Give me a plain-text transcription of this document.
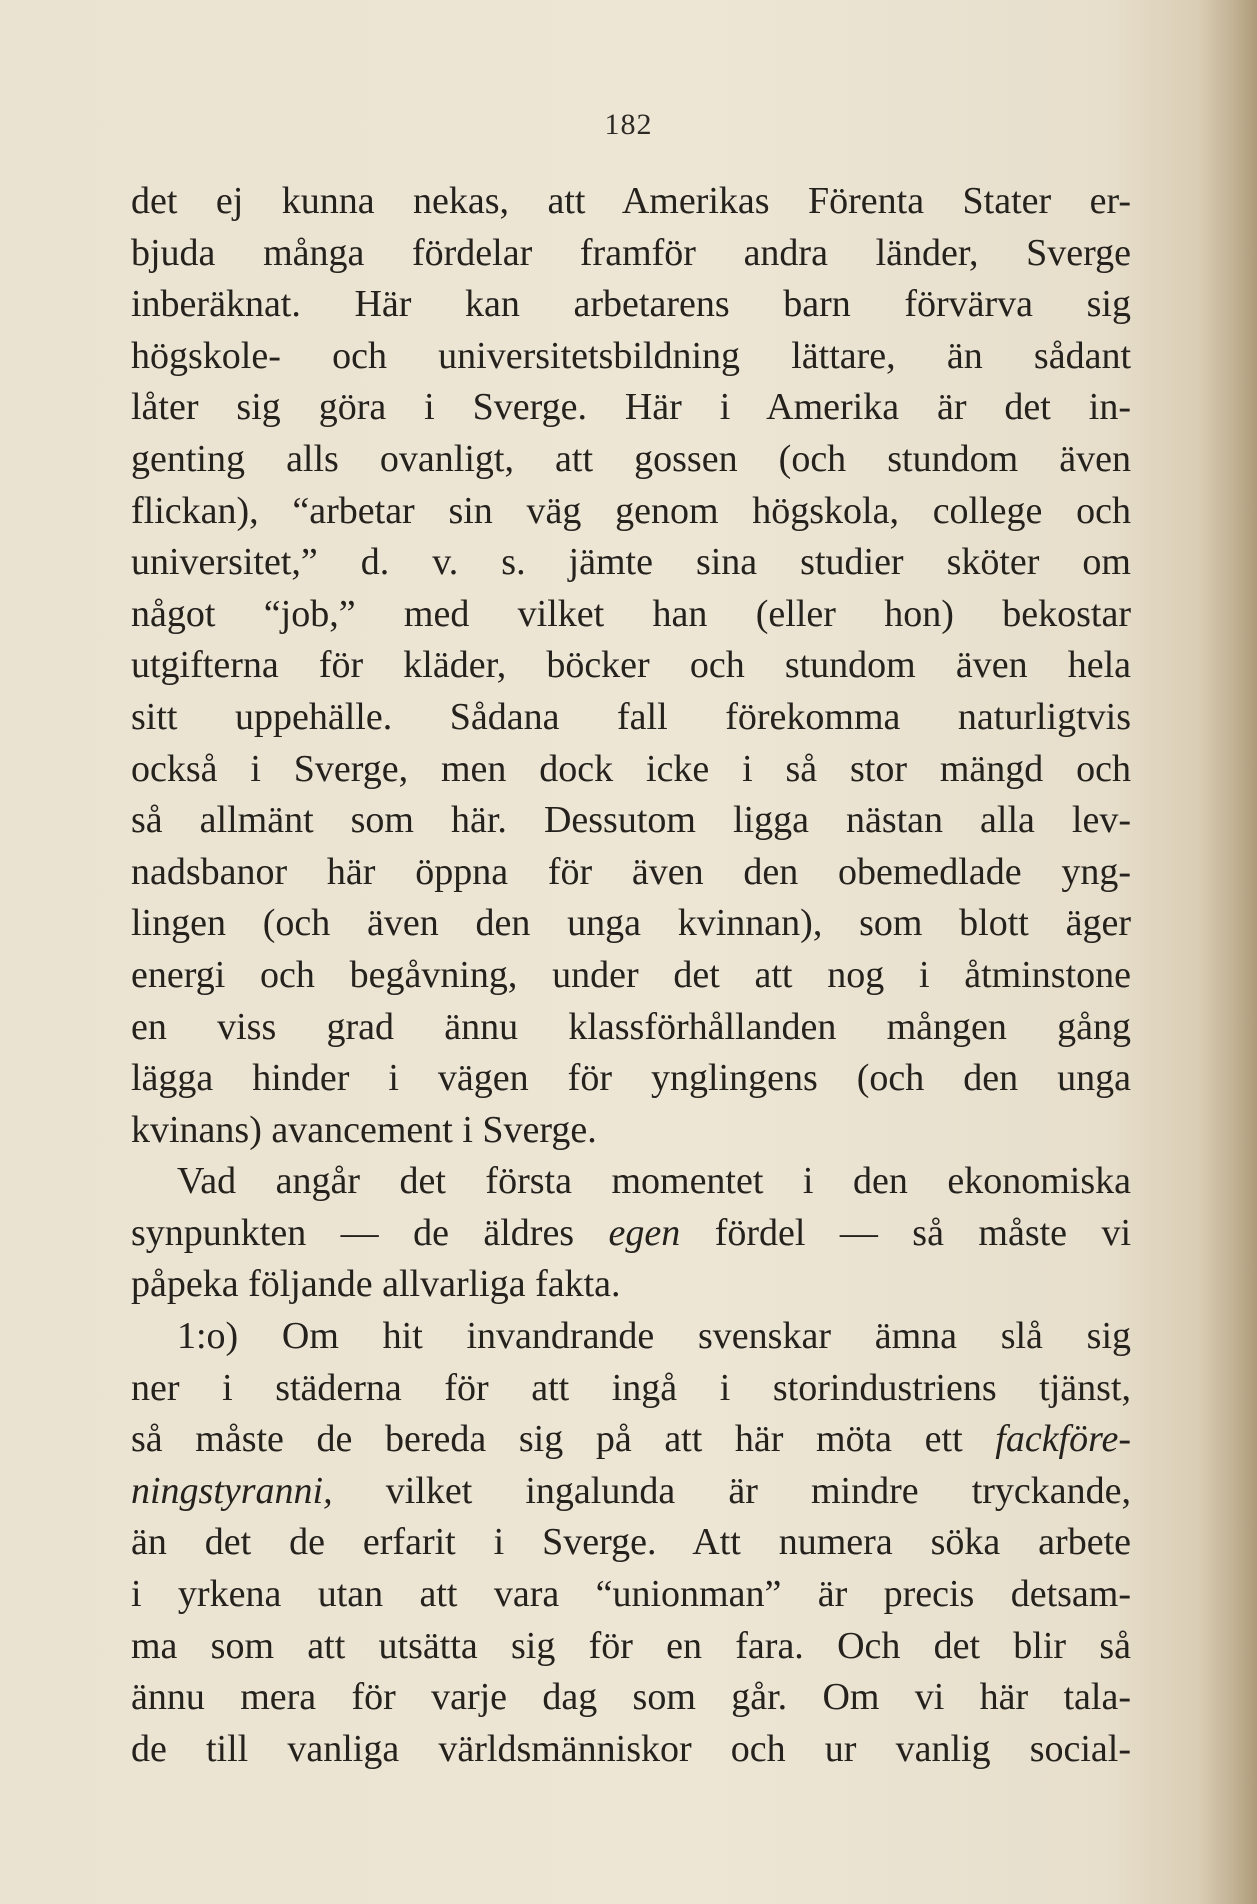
182
det ej kunna nekas, att Amerikas Förenta Stater er-
bjuda många fördelar framför andra länder, Sverge
inberäknat. Här kan arbetarens barn förvärva sig
högskole- och universitetsbildning lättare, än sådant
låter sig göra i Sverge. Här i Amerika är det in-
genting alls ovanligt, att gossen (och stundom även
flickan), “arbetar sin väg genom högskola, college och
universitet,” d. v. s. jämte sina studier sköter om
något “job,” med vilket han (eller hon) bekostar
utgifterna för kläder, böcker och stundom även hela
sitt uppehälle. Sådana fall förekomma naturligtvis
också i Sverge, men dock icke i så stor mängd och
så allmänt som här. Dessutom ligga nästan alla lev-
nadsbanor här öppna för även den obemedlade yng-
lingen (och även den unga kvinnan), som blott äger
energi och begåvning, under det att nog i åtminstone
en viss grad ännu klassförhållanden mången gång
lägga hinder i vägen för ynglingens (och den unga
kvinans) avancement i Sverge.
Vad angår det första momentet i den ekonomiska
synpunkten — de äldres egen fördel — så måste vi
påpeka följande allvarliga fakta.
1:o) Om hit invandrande svenskar ämna slå sig
ner i städerna för att ingå i storindustriens tjänst,
så måste de bereda sig på att här möta ett fackföre-
ningstyranni, vilket ingalunda är mindre tryckande,
än det de erfarit i Sverge. Att numera söka arbete
i yrkena utan att vara “unionman” är precis detsam-
ma som att utsätta sig för en fara. Och det blir så
ännu mera för varje dag som går. Om vi här tala-
de till vanliga världsmänniskor och ur vanlig social-
